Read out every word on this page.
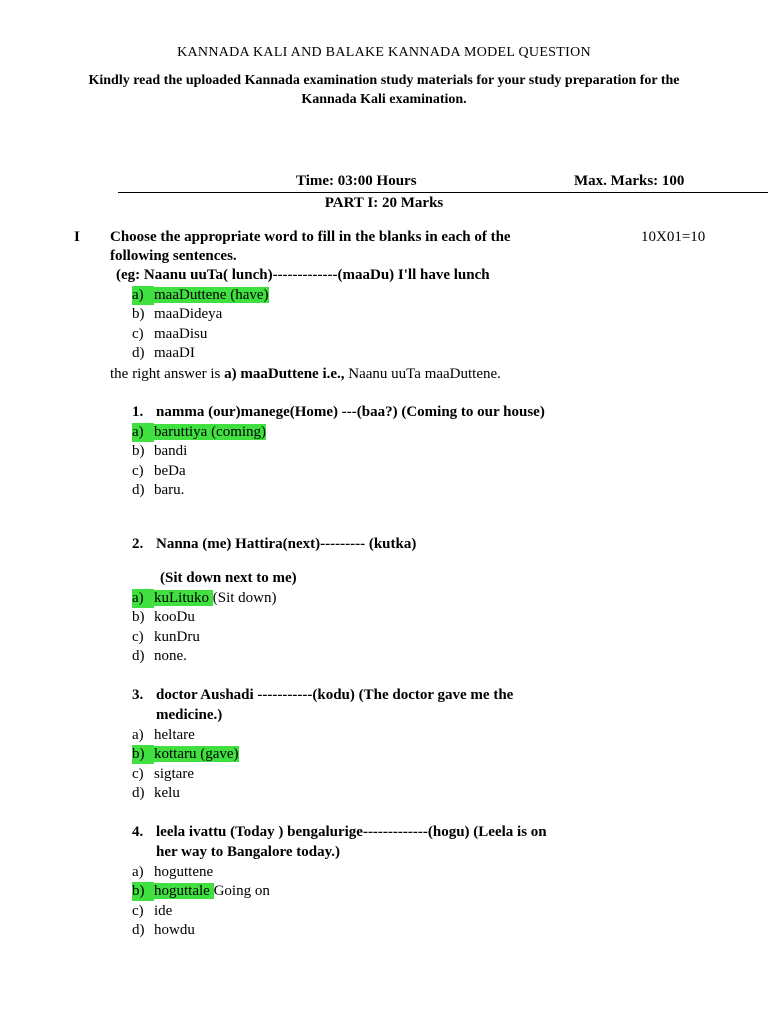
KANNADA KALI AND BALAKE KANNADA MODEL QUESTION
Kindly read the uploaded Kannada examination study materials for your study preparation for the
Kannada Kali examination.
Time: 03:00 Hours	Max. Marks: 100
PART I: 20 Marks
I Choose the appropriate word to fill in the blanks in each of the	10X01=10
following sentences.
(eg: Naanu uuTa( lunch)-------------(maaDu) I'll have lunch
a) maaDuttene (have)
b) maaDideya
c) maaDisu
d) maaDI
the right answer is a) maaDuttene i.e., Naanu uuTa maaDuttene.
1. namma (our)manege(Home) ---(baa?) (Coming to our house)
a) baruttiya (coming)
b) bandi
c) beDa
d) baru.
2. Nanna (me) Hattira(next)--------- (kutka)
(Sit down next to me)
a) kuLituko (Sit down)
b) kooDu
c) kunDru
d) none.
3. doctor Aushadi -----------(kodu) (The doctor gave me the
medicine.)
a) heltare
b) kottaru (gave)
c) sigtare
d) kelu
4. leela ivattu (Today ) bengalurige-------------(hogu) (Leela is on
her way to Bangalore today.)
a) hoguttene
b) hoguttale Going on
c) ide
d) howdu
